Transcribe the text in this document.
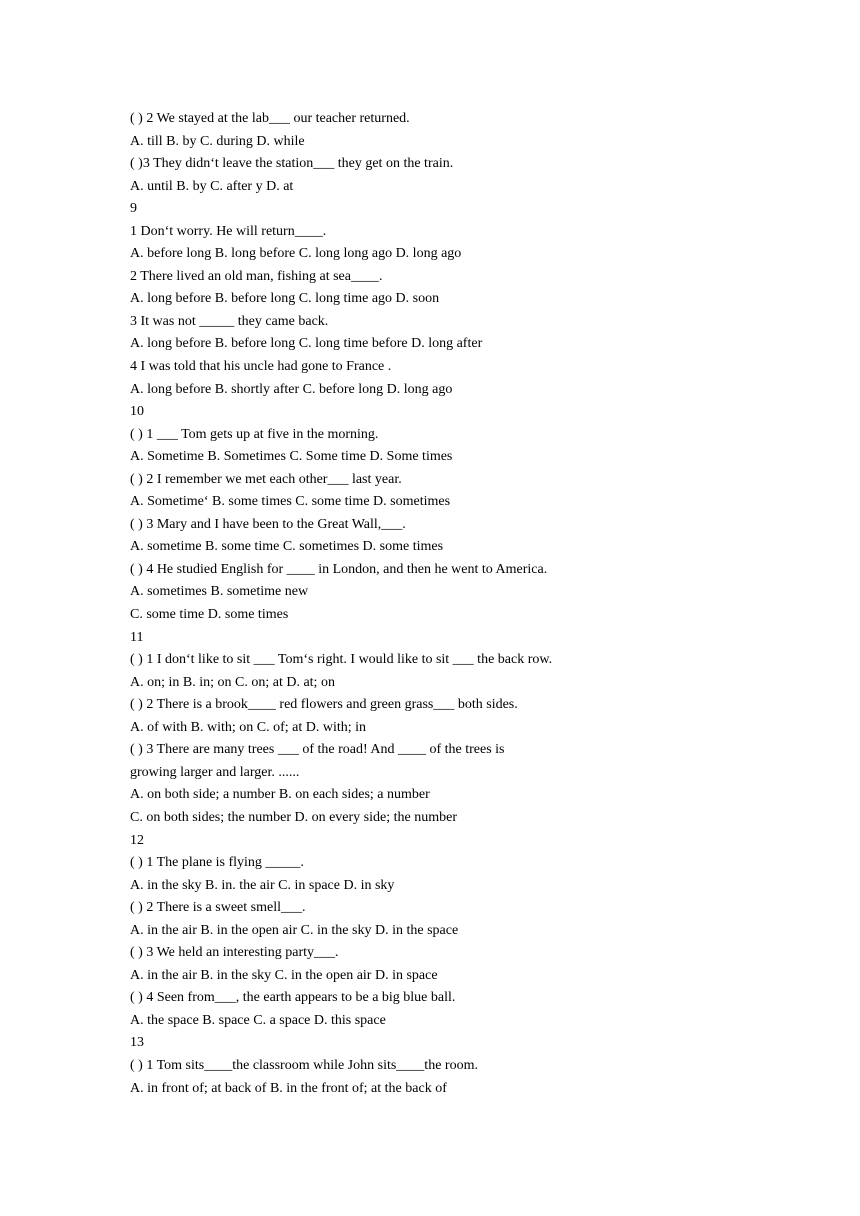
( ) 2 We stayed at the lab___ our teacher returned.
A. till B. by C. during D. while
( )3 They didn‘t leave the station___ they get on the train.
A. until B. by C. after y D. at
9
1 Don‘t worry. He will return____.
A. before long B. long before C. long long ago D. long ago
2 There lived an old man, fishing at sea____.
A. long before B. before long C. long time ago D. soon
3 It was not _____ they came back.
A. long before B. before long C. long time before D. long after
4 I was told that his uncle had gone to France .
A. long before B. shortly after C. before long D. long ago
10
( ) 1 ___ Tom gets up at five in the morning.
A. Sometime B. Sometimes C. Some time D. Some times
( ) 2 I remember we met each other___ last year.
A. Sometime‘ B. some times C. some time D. sometimes
( ) 3 Mary and I have been to the Great Wall,___.
A. sometime B. some time C. sometimes D. some times
( ) 4 He studied English for ____ in London, and then he went to America.
A. sometimes B. sometime new
C. some time D. some times
11
( ) 1 I don‘t like to sit ___ Tom‘s right. I would like to sit ___ the back row.
A. on; in B. in; on C. on; at D. at; on
( ) 2 There is a brook____ red flowers and green grass___ both sides.
A. of with B. with; on C. of; at D. with; in
( ) 3 There are many trees ___ of the road! And ____ of the trees is
growing larger and larger. ......
A. on both side; a number B. on each sides; a number
C. on both sides; the number D. on every side; the number
12
( ) 1 The plane is flying _____.
A. in the sky B. in. the air C. in space D. in sky
( ) 2 There is a sweet smell___.
A. in the air B. in the open air C. in the sky D. in the space
( ) 3 We held an interesting party___.
A. in the air B. in the sky C. in the open air D. in space
( ) 4 Seen from___, the earth appears to be a big blue ball.
A. the space B. space C. a space D. this space
13
( ) 1 Tom sits____the classroom while John sits____the room.
A. in front of; at back of B. in the front of; at the back of
